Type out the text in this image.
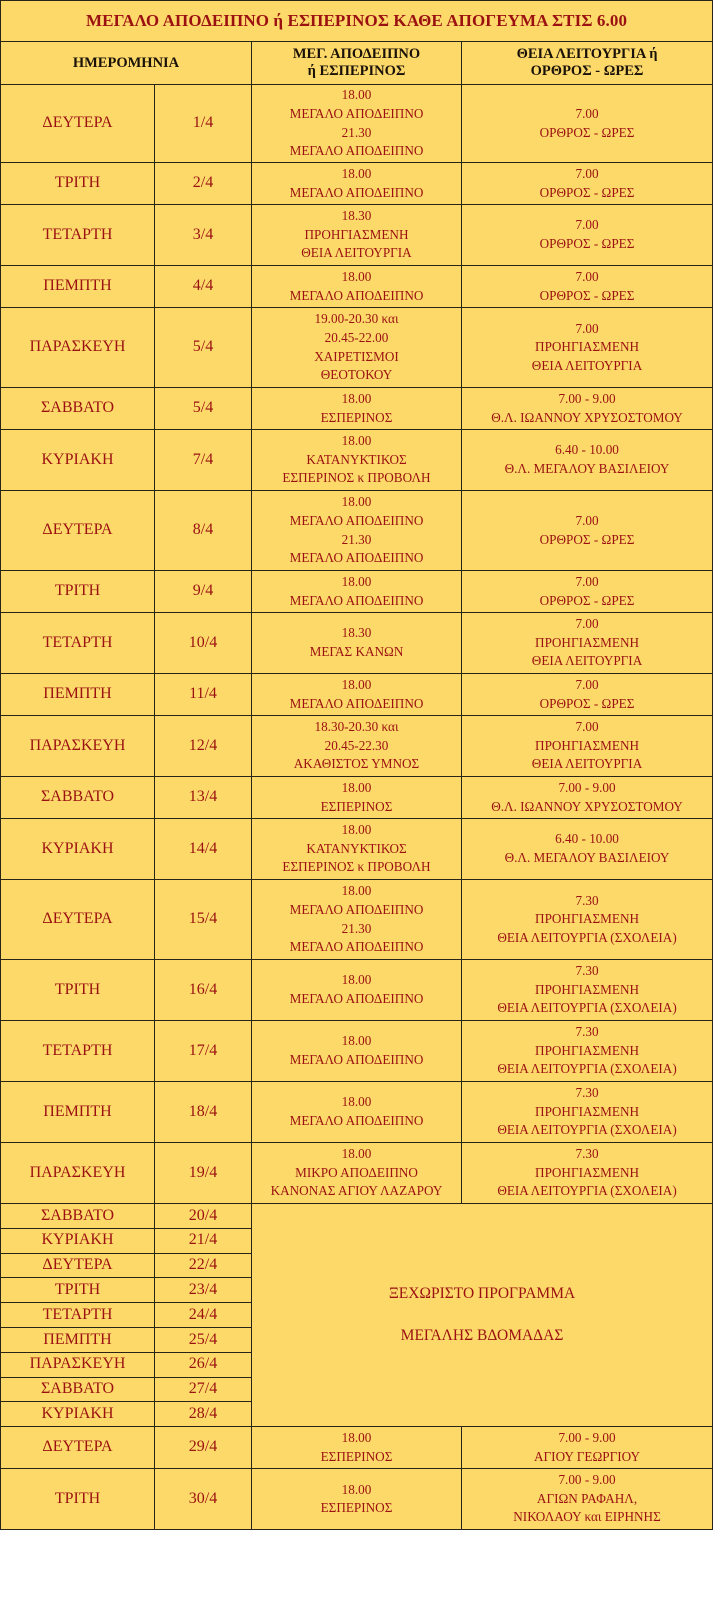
ΜΕΓΑΛΟ ΑΠΟΔΕΙΠΝΟ ή ΕΣΠΕΡΙΝΟΣ ΚΑΘΕ ΑΠΟΓΕΥΜΑ ΣΤΙΣ 6.00			
ΗΜΕΡΟΜΗΝΙΑ		ΜΕΓ. ΑΠΟΔΕΙΠΝΟ
ή ΕΣΠΕΡΙΝΟΣ	ΘΕΙΑ ΛΕΙΤΟΥΡΓΙΑ ή
ΟΡΘΡΟΣ - ΩΡΕΣ

ΔΕΥΤΕΡΑ	1/4	18.00
ΜΕΓΑΛΟ ΑΠΟΔΕΙΠΝΟ
21.30
ΜΕΓΑΛΟ ΑΠΟΔΕΙΠΝΟ	7.00
ΟΡΘΡΟΣ - ΩΡΕΣ

ΤΡΙΤΗ	2/4	18.00
ΜΕΓΑΛΟ ΑΠΟΔΕΙΠΝΟ	7.00
ΟΡΘΡΟΣ - ΩΡΕΣ

ΤΕΤΑΡΤΗ	3/4	18.30
ΠΡΟΗΓΙΑΣΜΕΝΗ
ΘΕΙΑ ΛΕΙΤΟΥΡΓΙΑ	7.00
ΟΡΘΡΟΣ - ΩΡΕΣ

ΠΕΜΠΤΗ	4/4	18.00
ΜΕΓΑΛΟ ΑΠΟΔΕΙΠΝΟ	7.00
ΟΡΘΡΟΣ - ΩΡΕΣ

ΠΑΡΑΣΚΕΥΗ	5/4	19.00-20.30 και
20.45-22.00
ΧΑΙΡΕΤΙΣΜΟΙ
ΘΕΟΤΟΚΟΥ	7.00
ΠΡΟΗΓΙΑΣΜΕΝΗ
ΘΕΙΑ ΛΕΙΤΟΥΡΓΙΑ

ΣΑΒΒΑΤΟ	5/4	18.00
ΕΣΠΕΡΙΝΟΣ	7.00 - 9.00
Θ.Λ. ΙΩΑΝΝΟΥ ΧΡΥΣΟΣΤΟΜΟΥ

ΚΥΡΙΑΚΗ	7/4	18.00
ΚΑΤΑΝΥΚΤΙΚΟΣ
ΕΣΠΕΡΙΝΟΣ κ ΠΡΟΒΟΛΗ	6.40 - 10.00
Θ.Λ. ΜΕΓΑΛΟΥ ΒΑΣΙΛΕΙΟΥ

ΔΕΥΤΕΡΑ	8/4	18.00
ΜΕΓΑΛΟ ΑΠΟΔΕΙΠΝΟ
21.30
ΜΕΓΑΛΟ ΑΠΟΔΕΙΠΝΟ	7.00
ΟΡΘΡΟΣ - ΩΡΕΣ

ΤΡΙΤΗ	9/4	18.00
ΜΕΓΑΛΟ ΑΠΟΔΕΙΠΝΟ	7.00
ΟΡΘΡΟΣ - ΩΡΕΣ

ΤΕΤΑΡΤΗ	10/4	18.30
ΜΕΓΑΣ ΚΑΝΩΝ	7.00
ΠΡΟΗΓΙΑΣΜΕΝΗ
ΘΕΙΑ ΛΕΙΤΟΥΡΓΙΑ

ΠΕΜΠΤΗ	11/4	18.00
ΜΕΓΑΛΟ ΑΠΟΔΕΙΠΝΟ	7.00
ΟΡΘΡΟΣ - ΩΡΕΣ

ΠΑΡΑΣΚΕΥΗ	12/4	18.30-20.30 και
20.45-22.30
ΑΚΑΘΙΣΤΟΣ ΥΜΝΟΣ	7.00
ΠΡΟΗΓΙΑΣΜΕΝΗ
ΘΕΙΑ ΛΕΙΤΟΥΡΓΙΑ

ΣΑΒΒΑΤΟ	13/4	18.00
ΕΣΠΕΡΙΝΟΣ	7.00 - 9.00
Θ.Λ. ΙΩΑΝΝΟΥ ΧΡΥΣΟΣΤΟΜΟΥ

ΚΥΡΙΑΚΗ	14/4	18.00
ΚΑΤΑΝΥΚΤΙΚΟΣ
ΕΣΠΕΡΙΝΟΣ κ ΠΡΟΒΟΛΗ	6.40 - 10.00
Θ.Λ. ΜΕΓΑΛΟΥ ΒΑΣΙΛΕΙΟΥ

ΔΕΥΤΕΡΑ	15/4	18.00
ΜΕΓΑΛΟ ΑΠΟΔΕΙΠΝΟ
21.30
ΜΕΓΑΛΟ ΑΠΟΔΕΙΠΝΟ	7.30
ΠΡΟΗΓΙΑΣΜΕΝΗ
ΘΕΙΑ ΛΕΙΤΟΥΡΓΙΑ (ΣΧΟΛΕΙΑ)

ΤΡΙΤΗ	16/4	18.00
ΜΕΓΑΛΟ ΑΠΟΔΕΙΠΝΟ	7.30
ΠΡΟΗΓΙΑΣΜΕΝΗ
ΘΕΙΑ ΛΕΙΤΟΥΡΓΙΑ (ΣΧΟΛΕΙΑ)

ΤΕΤΑΡΤΗ	17/4	18.00
ΜΕΓΑΛΟ ΑΠΟΔΕΙΠΝΟ	7.30
ΠΡΟΗΓΙΑΣΜΕΝΗ
ΘΕΙΑ ΛΕΙΤΟΥΡΓΙΑ (ΣΧΟΛΕΙΑ)

ΠΕΜΠΤΗ	18/4	18.00
ΜΕΓΑΛΟ ΑΠΟΔΕΙΠΝΟ	7.30
ΠΡΟΗΓΙΑΣΜΕΝΗ
ΘΕΙΑ ΛΕΙΤΟΥΡΓΙΑ (ΣΧΟΛΕΙΑ)

ΠΑΡΑΣΚΕΥΗ	19/4	18.00
ΜΙΚΡΟ ΑΠΟΔΕΙΠΝΟ
ΚΑΝΟΝΑΣ ΑΓΙΟΥ ΛΑΖΑΡΟΥ	7.30
ΠΡΟΗΓΙΑΣΜΕΝΗ
ΘΕΙΑ ΛΕΙΤΟΥΡΓΙΑ (ΣΧΟΛΕΙΑ)

ΣΑΒΒΑΤΟ	20/4	ΞΕΧΩΡΙΣΤΟ ΠΡΟΓΡΑΜΜΑ
ΜΕΓΑΛΗΣ ΒΔΟΜΑΔΑΣ	

ΚΥΡΙΑΚΗ	21/4		
ΔΕΥΤΕΡΑ	22/4		
ΤΡΙΤΗ	23/4		
ΤΕΤΑΡΤΗ	24/4		
ΠΕΜΠΤΗ	25/4		
ΠΑΡΑΣΚΕΥΗ	26/4		
ΣΑΒΒΑΤΟ	27/4		
ΚΥΡΙΑΚΗ	28/4		
ΔΕΥΤΕΡΑ	29/4	18.00
ΕΣΠΕΡΙΝΟΣ	7.00 - 9.00
ΑΓΙΟΥ ΓΕΩΡΓΙΟΥ

ΤΡΙΤΗ	30/4	18.00
ΕΣΠΕΡΙΝΟΣ	7.00 - 9.00
ΑΓΙΩΝ ΡΑΦΑΗΛ,
ΝΙΚΟΛΑΟΥ και ΕΙΡΗΝΗΣ
